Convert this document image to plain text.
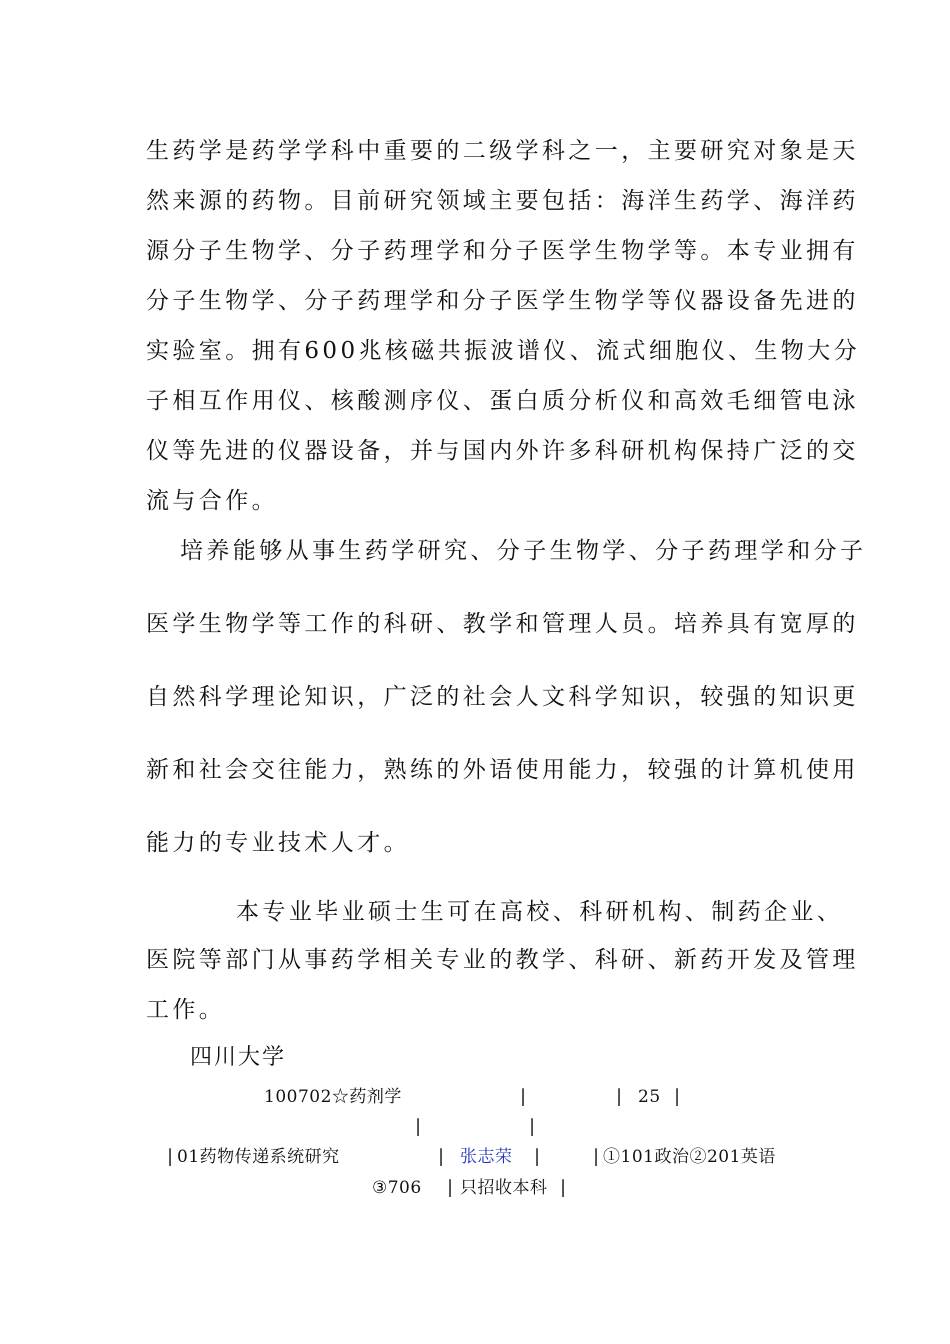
生药学是药学学科中重要的二级学科之一，主要研究对象是天
然来源的药物。目前研究领域主要包括：海洋生药学、海洋药
源分子生物学、分子药理学和分子医学生物学等。本专业拥有
分子生物学、分子药理学和分子医学生物学等仪器设备先进的
实验室。拥有600兆核磁共振波谱仪、流式细胞仪、生物大分
子相互作用仪、核酸测序仪、蛋白质分析仪和高效毛细管电泳
仪等先进的仪器设备，并与国内外许多科研机构保持广泛的交
流与合作。
培养能够从事生药学研究、分子生物学、分子药理学和分子
医学生物学等工作的科研、教学和管理人员。培养具有宽厚的
自然科学理论知识，广泛的社会人文科学知识，较强的知识更
新和社会交往能力，熟练的外语使用能力，较强的计算机使用
能力的专业技术人才。
本专业毕业硕士生可在高校、科研机构、制药企业、
医院等部门从事药学相关专业的教学、科研、新药开发及管理
工作。
四川大学
100702☆药剂学	|	| 25 |
|	|
| 01药物传递系统研究	| 张志荣 |	| ①101政治②201英语
③706 | 只招收本科 |
